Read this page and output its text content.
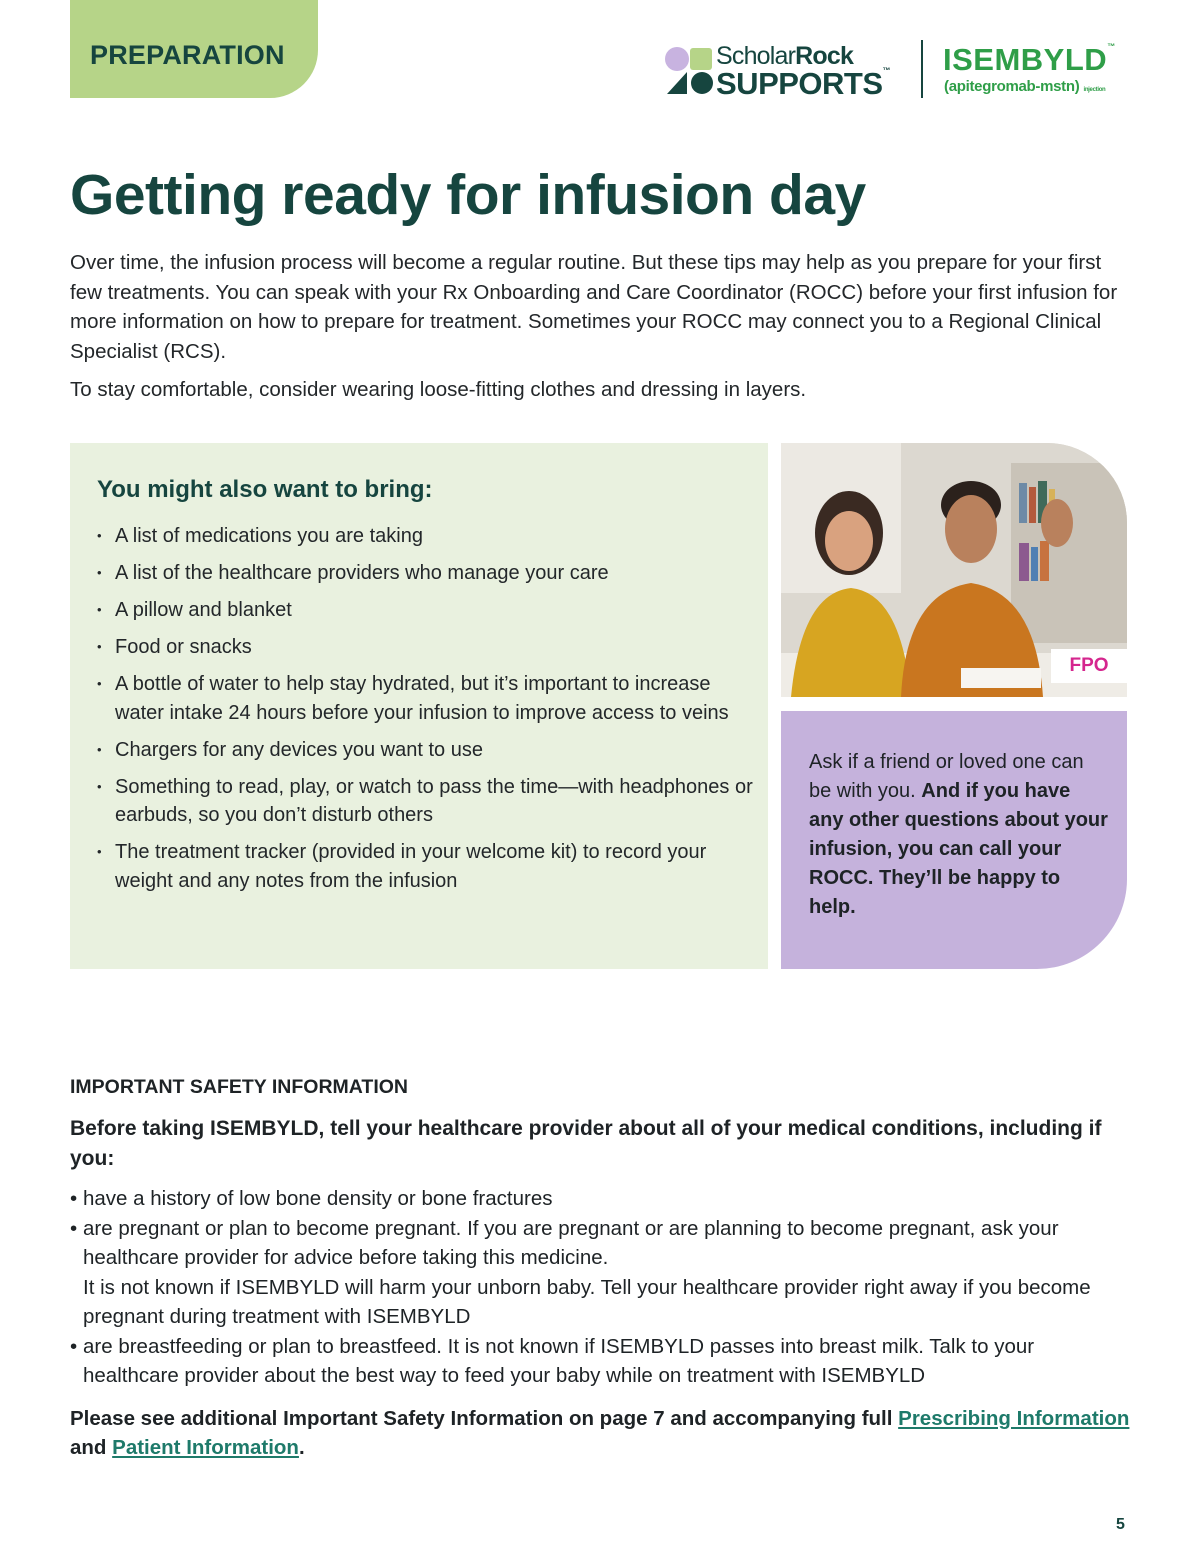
PREPARATION	ScholarRock
SUPPORTS™ ISEMBYLD™
(apitegromab-mstn) injection
Getting ready for infusion day

Over time, the infusion process will become a regular routine. But these tips may help as you prepare for your first few treatments. You can speak with your Rx Onboarding and Care Coordinator (ROCC) before your first infusion for more information on how to prepare for treatment. Sometimes your ROCC may connect you to a Regional Clinical Specialist (RCS).

To stay comfortable, consider wearing loose-fitting clothes and dressing in layers.

You might also want to bring:
• A list of medications you are taking
• A list of the healthcare providers who manage your care
• A pillow and blanket
• Food or snacks
• A bottle of water to help stay hydrated, but it’s important to increase water intake 24 hours before your infusion to improve access to veins
• Chargers for any devices you want to use
• Something to read, play, or watch to pass the time—with headphones or earbuds, so you don’t disturb others
• The treatment tracker (provided in your welcome kit) to record your weight and any notes from the infusion
FPO

Ask if a friend or loved one can be with you. And if you have any other questions about your infusion, you can call your ROCC. They’ll be happy to help.

IMPORTANT SAFETY INFORMATION

Before taking ISEMBYLD, tell your healthcare provider about all of your medical conditions, including if you:

• have a history of low bone density or bone fractures
• are pregnant or plan to become pregnant. If you are pregnant or are planning to become pregnant, ask your healthcare provider for advice before taking this medicine.
It is not known if ISEMBYLD will harm your unborn baby. Tell your healthcare provider right away if you become pregnant during treatment with ISEMBYLD
• are breastfeeding or plan to breastfeed. It is not known if ISEMBYLD passes into breast milk. Talk to your healthcare provider about the best way to feed your baby while on treatment with ISEMBYLD

Please see additional Important Safety Information on page 7 and accompanying full Prescribing Information and Patient Information.

5
